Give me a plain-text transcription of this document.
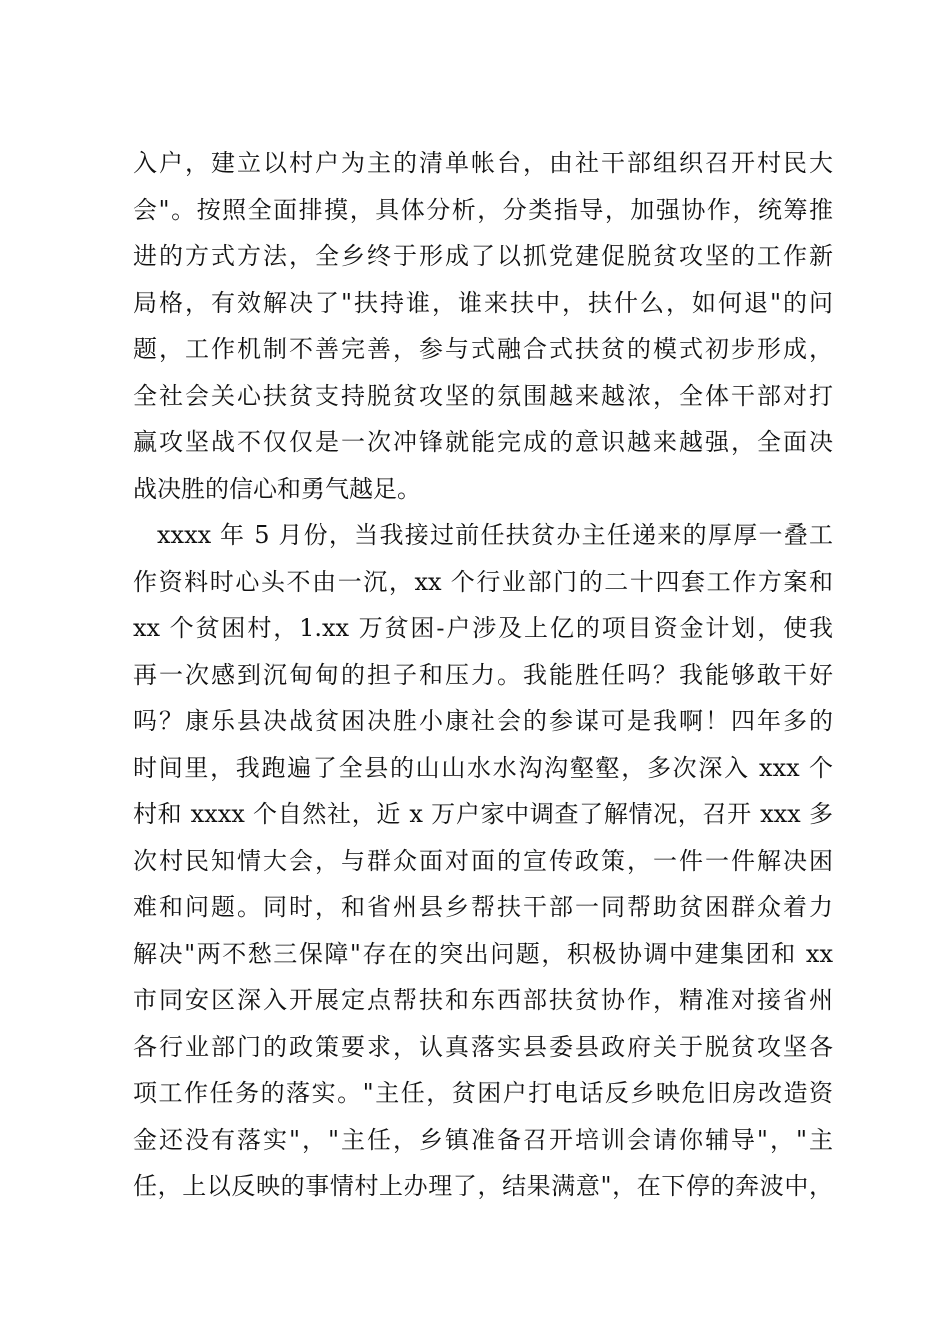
入户，建立以村户为主的清单帐台，由社干部组织召开村民大
会"。按照全面排摸，具体分析，分类指导，加强协作，统筹推
进的方式方法，全乡终于形成了以抓党建促脱贫攻坚的工作新
局格，有效解决了"扶持谁，谁来扶中，扶什么，如何退"的问
题，工作机制不善完善，参与式融合式扶贫的模式初步形成，
全社会关心扶贫支持脱贫攻坚的氛围越来越浓，全体干部对打
赢攻坚战不仅仅是一次冲锋就能完成的意识越来越强，全面决
战决胜的信心和勇气越足。
xxxx 年 5 月份，当我接过前任扶贫办主任递来的厚厚一叠工
作资料时心头不由一沉，xx 个行业部门的二十四套工作方案和
xx 个贫困村，1.xx 万贫困-户涉及上亿的项目资金计划，使我
再一次感到沉甸甸的担子和压力。我能胜任吗？我能够敢干好
吗？康乐县决战贫困决胜小康社会的参谋可是我啊！四年多的
时间里，我跑遍了全县的山山水水沟沟壑壑，多次深入 xxx 个
村和 xxxx 个自然社，近 x 万户家中调查了解情况，召开 xxx 多
次村民知情大会，与群众面对面的宣传政策，一件一件解决困
难和问题。同时，和省州县乡帮扶干部一同帮助贫困群众着力
解决"两不愁三保障"存在的突出问题，积极协调中建集团和 xx
市同安区深入开展定点帮扶和东西部扶贫协作，精准对接省州
各行业部门的政策要求，认真落实县委县政府关于脱贫攻坚各
项工作任务的落实。"主任，贫困户打电话反乡映危旧房改造资
金还没有落实"，"主任，乡镇准备召开培训会请你辅导"，"主
任，上以反映的事情村上办理了，结果满意"，在下停的奔波中，
